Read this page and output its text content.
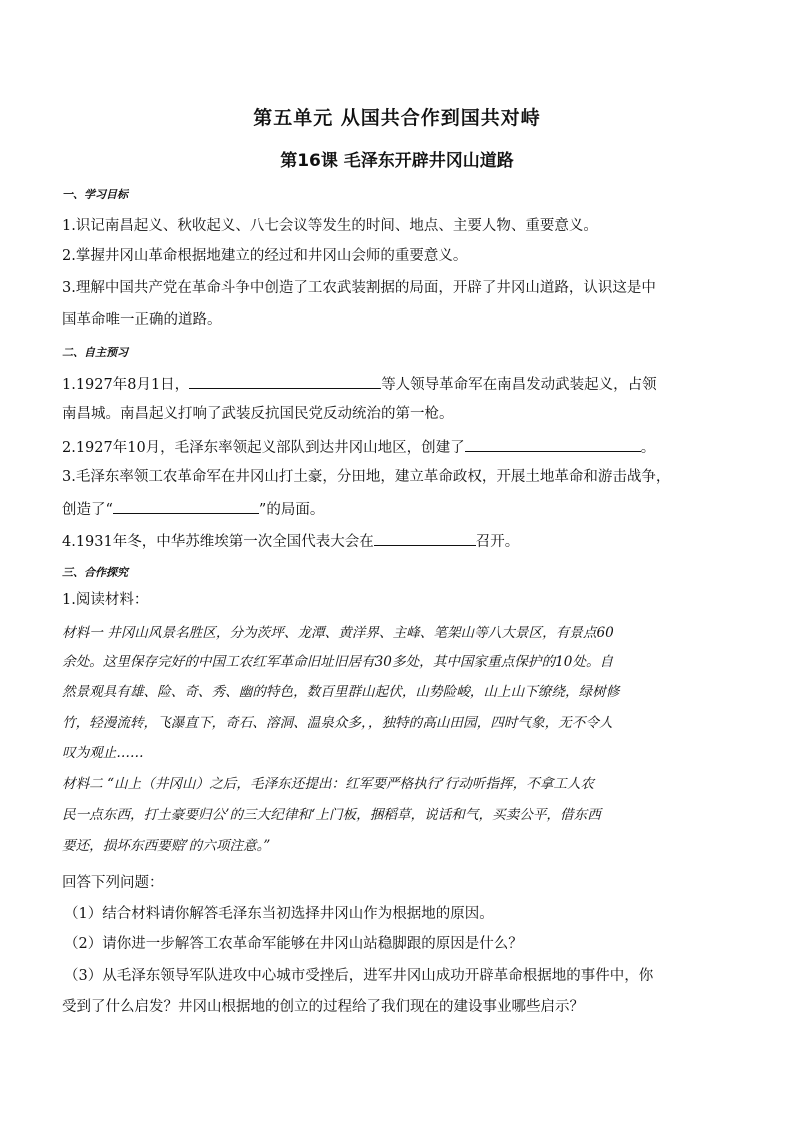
第五单元 从国共合作到国共对峙
第16课 毛泽东开辟井冈山道路
一、学习目标
1.识记南昌起义、秋收起义、八七会议等发生的时间、地点、主要人物、重要意义。
2.掌握井冈山革命根据地建立的经过和井冈山会师的重要意义。
3.理解中国共产党在革命斗争中创造了工农武装割据的局面，开辟了井冈山道路，认识这是中
国革命唯一正确的道路。
二、自主预习
1.1927年8月1日，	等人领导革命军在南昌发动武装起义，占领
南昌城。南昌起义打响了武装反抗国民党反动统治的第一枪。
2.1927年10月，毛泽东率领起义部队到达井冈山地区，创建了	。
3.毛泽东率领工农革命军在井冈山打土豪，分田地，建立革命政权，开展土地革命和游击战争，
创造了“	”的局面。
4.1931年冬，中华苏维埃第一次全国代表大会在	召开。
三、合作探究
1.阅读材料：
材料一 井冈山风景名胜区，分为茨坪、龙潭、黄洋界、主峰、笔架山等八大景区，有景点60
余处。这里保存完好的中国工农红军革命旧址旧居有30多处，其中国家重点保护的10处。自
然景观具有雄、险、奇、秀、幽的特色，数百里群山起伏，山势险峻，山上山下缭绕，绿树修
竹，轻漫流转，飞瀑直下，奇石、溶洞、温泉众多，，独特的高山田园，四时气象，无不令人
叹为观止……
材料二 “山上（井冈山）之后，毛泽东还提出：红军要严格执行‘行动听指挥，不拿工人农
民一点东西，打土豪要归公’的三大纪律和‘上门板，捆稻草，说话和气，买卖公平，借东西
要还，损坏东西要赔’的六项注意。”
回答下列问题：
（1）结合材料请你解答毛泽东当初选择井冈山作为根据地的原因。
（2）请你进一步解答工农革命军能够在井冈山站稳脚跟的原因是什么？
（3）从毛泽东领导军队进攻中心城市受挫后，进军井冈山成功开辟革命根据地的事件中，你
受到了什么启发？井冈山根据地的创立的过程给了我们现在的建设事业哪些启示？
